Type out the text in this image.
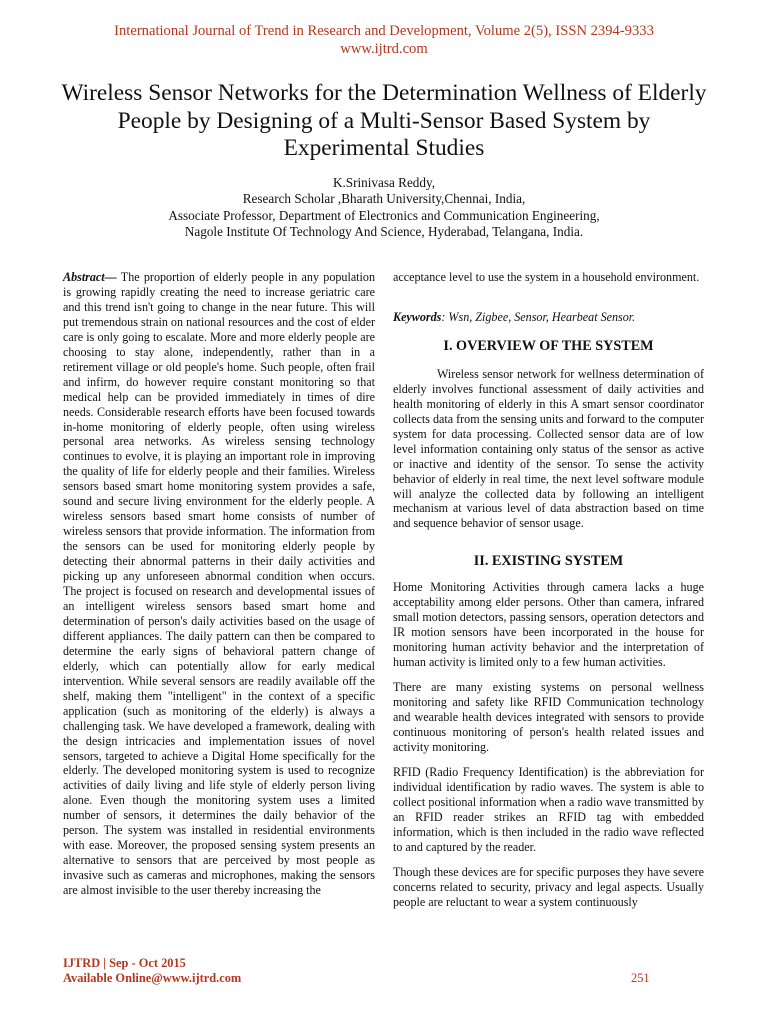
International Journal of Trend in Research and Development, Volume 2(5), ISSN 2394-9333
www.ijtrd.com
Wireless Sensor Networks for the Determination Wellness of Elderly
People by Designing of a Multi-Sensor Based System by
Experimental Studies
K.Srinivasa Reddy,
Research Scholar ,Bharath University,Chennai, India,
Associate Professor, Department of Electronics and Communication Engineering,
Nagole Institute Of Technology And Science, Hyderabad, Telangana, India.

Abstract— The proportion of elderly people in any population is growing rapidly creating the need to increase geriatric care and this trend isn't going to change in the near future. This will put tremendous strain on national resources and the cost of elder care is only going to escalate. More and more elderly people are choosing to stay alone, independently, rather than in a retirement village or old people's home. Such people, often frail and infirm, do however require constant monitoring so that medical help can be provided immediately in times of dire needs. Considerable research efforts have been focused towards in-home monitoring of elderly people, often using wireless personal area networks. As wireless sensing technology continues to evolve, it is playing an important role in improving the quality of life for elderly people and their families. Wireless sensors based smart home monitoring system provides a safe, sound and secure living environment for the elderly people. A wireless sensors based smart home consists of number of wireless sensors that provide information. The information from the sensors can be used for monitoring elderly people by detecting their abnormal patterns in their daily activities and picking up any unforeseen abnormal condition when occurs. The project is focused on research and developmental issues of an intelligent wireless sensors based smart home and determination of person's daily activities based on the usage of different appliances. The daily pattern can then be compared to determine the early signs of behavioral pattern change of elderly, which can potentially allow for early medical intervention. While several sensors are readily available off the shelf, making them "intelligent" in the context of a specific application (such as monitoring of the elderly) is always a challenging task. We have developed a framework, dealing with the design intricacies and implementation issues of novel sensors, targeted to achieve a Digital Home specifically for the elderly. The developed monitoring system is used to recognize activities of daily living and life style of elderly person living alone. Even though the monitoring system uses a limited number of sensors, it determines the daily behavior of the person. The system was installed in residential environments with ease. Moreover, the proposed sensing system presents an alternative to sensors that are perceived by most people as invasive such as cameras and microphones, making the sensors are almost invisible to the user thereby increasing the

acceptance level to use the system in a household environment.

Keywords: Wsn, Zigbee, Sensor, Hearbeat Sensor.

I. OVERVIEW OF THE SYSTEM

Wireless sensor network for wellness determination of elderly involves functional assessment of daily activities and health monitoring of elderly in this A smart sensor coordinator collects data from the sensing units and forward to the computer system for data processing. Collected sensor data are of low level information containing only status of the sensor as active or inactive and identity of the sensor. To sense the activity behavior of elderly in real time, the next level software module will analyze the collected data by following an intelligent mechanism at various level of data abstraction based on time and sequence behavior of sensor usage.

II. EXISTING SYSTEM

Home Monitoring Activities through camera lacks a huge acceptability among elder persons. Other than camera, infrared small motion detectors, passing sensors, operation detectors and IR motion sensors have been incorporated in the house for monitoring human activity behavior and the interpretation of human activity is limited only to a few human activities.

There are many existing systems on personal wellness monitoring and safety like RFID Communication technology and wearable health devices integrated with sensors to provide continuous monitoring of person's health related issues and activity monitoring.

RFID (Radio Frequency Identification) is the abbreviation for individual identification by radio waves. The system is able to collect positional information when a radio wave transmitted by an RFID reader strikes an RFID tag with embedded information, which is then included in the radio wave reflected to and captured by the reader.

Though these devices are for specific purposes they have severe concerns related to security, privacy and legal aspects. Usually people are reluctant to wear a system continuously

IJTRD | Sep - Oct 2015
Available Online@www.ijtrd.com	251
